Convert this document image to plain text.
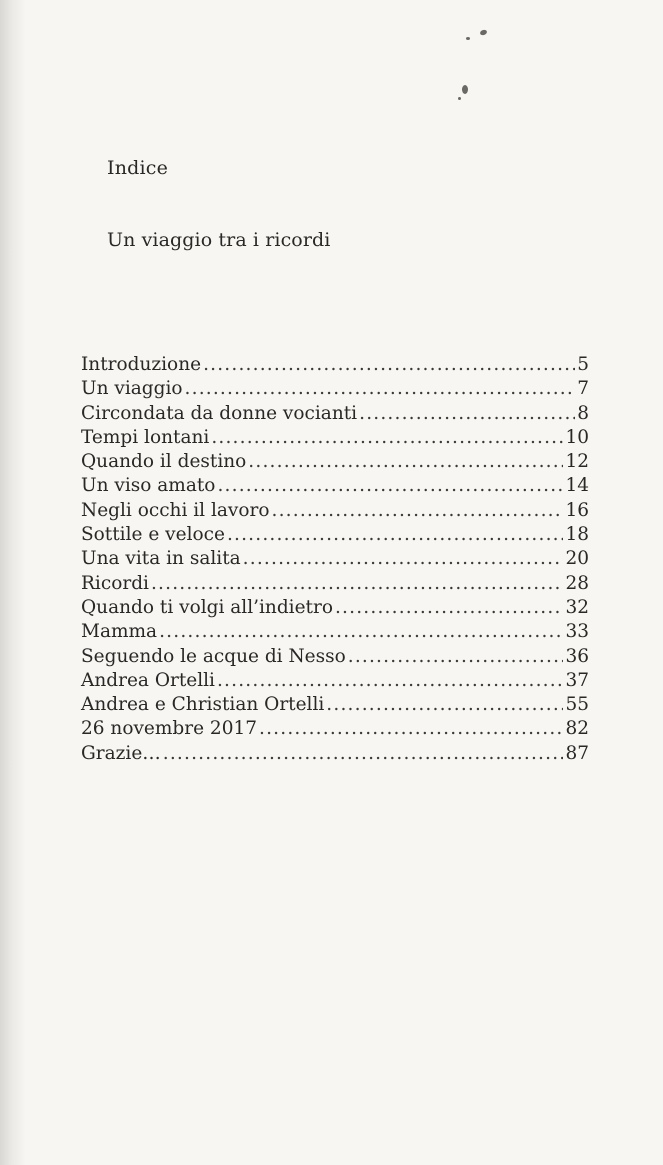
Indice
Un viaggio tra i ricordi
Introduzione .....	5
Un viaggio .....	7
Circondata da donne vocianti .....	8
Tempi lontani .....	10
Quando il destino .....	12
Un viso amato .....	14
Negli occhi il lavoro .....	16
Sottile e veloce .....	18
Una vita in salita .....	20
Ricordi .....	28
Quando ti volgi all’indietro .....	32
Mamma .....	33
Seguendo le acque di Nesso .....	36
Andrea Ortelli .....	37
Andrea e Christian Ortelli .....	55
26 novembre 2017 .....	82
Grazie… .....	87
